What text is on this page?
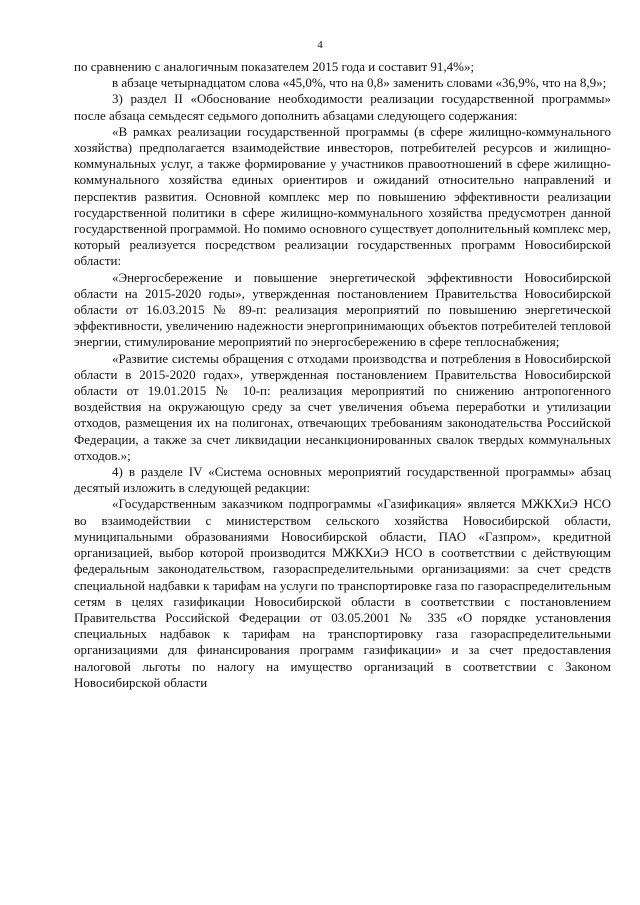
4

по сравнению с аналогичным показателем 2015 года и составит 91,4%»;

в абзаце четырнадцатом слова «45,0%, что на 0,8» заменить словами «36,9%, что на 8,9»;

3) раздел II «Обоснование необходимости реализации государственной программы» после абзаца семьдесят седьмого дополнить абзацами следующего содержания:

«В рамках реализации государственной программы (в сфере жилищно-коммунального хозяйства) предполагается взаимодействие инвесторов, потребителей ресурсов и жилищно-коммунальных услуг, а также формирование у участников правоотношений в сфере жилищно-коммунального хозяйства единых ориентиров и ожиданий относительно направлений и перспектив развития. Основной комплекс мер по повышению эффективности реализации государственной политики в сфере жилищно-коммунального хозяйства предусмотрен данной государственной программой. Но помимо основного существует дополнительный комплекс мер, который реализуется посредством реализации государственных программ Новосибирской области:

«Энергосбережение и повышение энергетической эффективности Новосибирской области на 2015-2020 годы», утвержденная постановлением Правительства Новосибирской области от 16.03.2015 № 89-п: реализация мероприятий по повышению энергетической эффективности, увеличению надежности энергопринимающих объектов потребителей тепловой энергии, стимулирование мероприятий по энергосбережению в сфере теплоснабжения;

«Развитие системы обращения с отходами производства и потребления в Новосибирской области в 2015-2020 годах», утвержденная постановлением Правительства Новосибирской области от 19.01.2015 № 10-п: реализация мероприятий по снижению антропогенного воздействия на окружающую среду за счет увеличения объема переработки и утилизации отходов, размещения их на полигонах, отвечающих требованиям законодательства Российской Федерации, а также за счет ликвидации несанкционированных свалок твердых коммунальных отходов.»;

4) в разделе IV «Система основных мероприятий государственной программы» абзац десятый изложить в следующей редакции:

«Государственным заказчиком подпрограммы «Газификация» является МЖКХиЭ НСО во взаимодействии с министерством сельского хозяйства Новосибирской области, муниципальными образованиями Новосибирской области, ПАО «Газпром», кредитной организацией, выбор которой производится МЖКХиЭ НСО в соответствии с действующим федеральным законодательством, газораспределительными организациями: за счет средств специальной надбавки к тарифам на услуги по транспортировке газа по газораспределительным сетям в целях газификации Новосибирской области в соответствии с постановлением Правительства Российской Федерации от 03.05.2001 № 335 «О порядке установления специальных надбавок к тарифам на транспортировку газа газораспределительными организациями для финансирования программ газификации» и за счет предоставления налоговой льготы по налогу на имущество организаций в соответствии с Законом Новосибирской области
